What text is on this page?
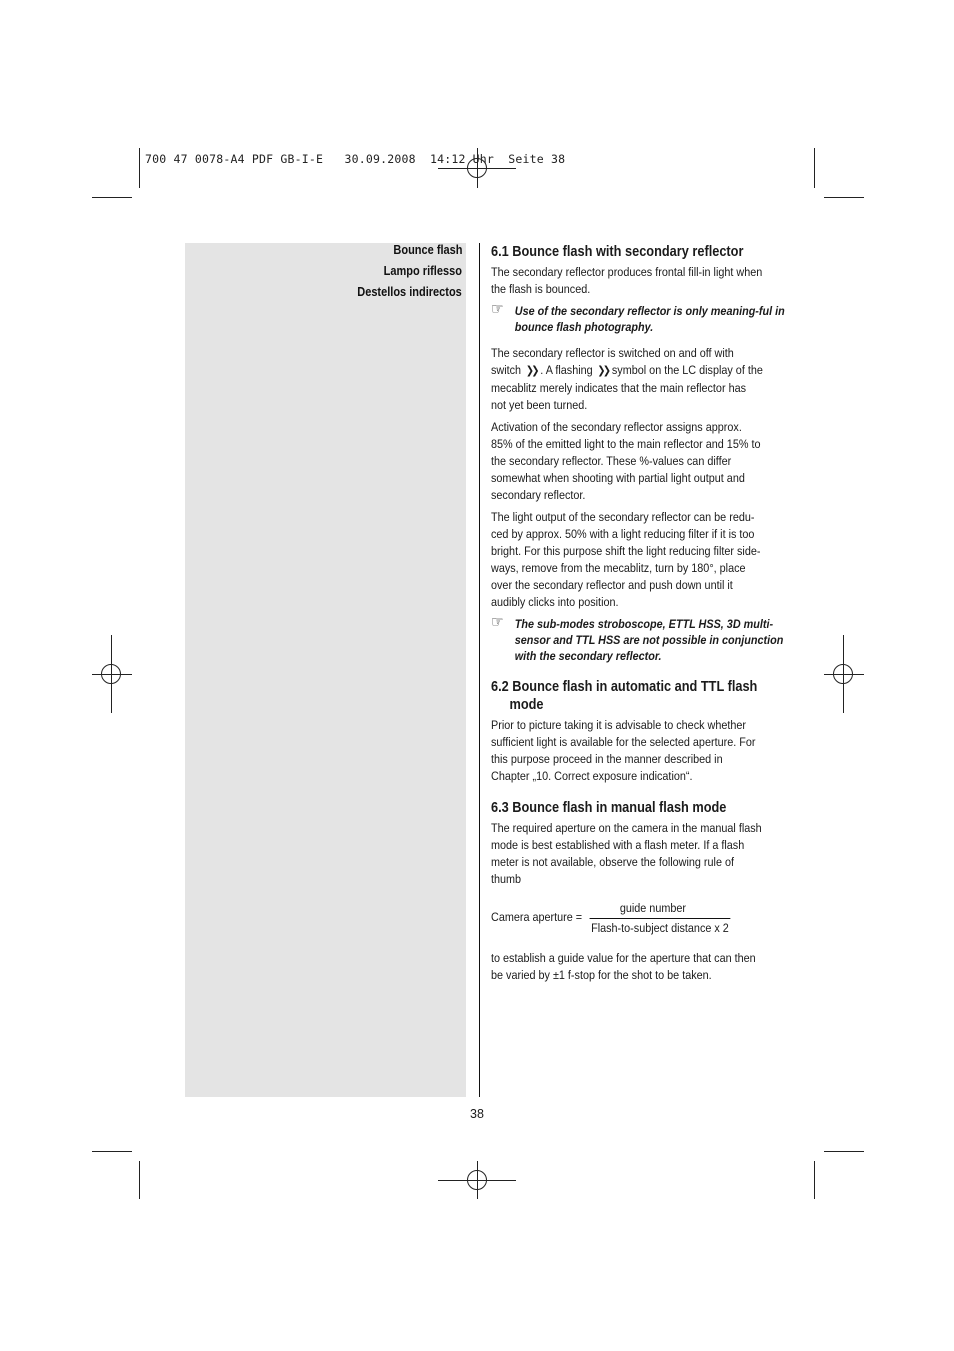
700 47 0078-A4 PDF GB-I-E   30.09.2008  14:12 Uhr  Seite 38
Bounce flash
Lampo riflesso
Destellos indirectos
6.1 Bounce flash with secondary reflector

The secondary reflector produces frontal fill-in light when the flash is bounced.

☞ Use of the secondary reflector is only meaning-ful in bounce flash photography.

The secondary reflector is switched on and off with switch ❯❯ . A flashing ❯❯ symbol on the LC display of the mecablitz merely indicates that the main reflector has not yet been turned.

Activation of the secondary reflector assigns approx. 85% of the emitted light to the main reflector and 15% to the secondary reflector. These %-values can differ somewhat when shooting with partial light output and secondary reflector.

The light output of the secondary reflector can be redu-ced by approx. 50% with a light reducing filter if it is too bright. For this purpose shift the light reducing filter side-ways, remove from the mecablitz, turn by 180°, place over the secondary reflector and push down until it audibly clicks into position.

☞ The sub-modes stroboscope, ETTL HSS, 3D multi-sensor and TTL HSS are not possible in conjunction with the secondary reflector.
6.2 Bounce flash in automatic and TTL flash mode

Prior to picture taking it is advisable to check whether sufficient light is available for the selected aperture. For this purpose proceed in the manner described in Chapter „10. Correct exposure indication“.

6.3 Bounce flash in manual flash mode

The required aperture on the camera in the manual flash mode is best established with a flash meter. If a flash meter is not available, observe the following rule of thumb

Camera aperture =
guide number
Flash-to-subject distance x 2

to establish a guide value for the aperture that can then be varied by ±1 f-stop for the shot to be taken.

38
